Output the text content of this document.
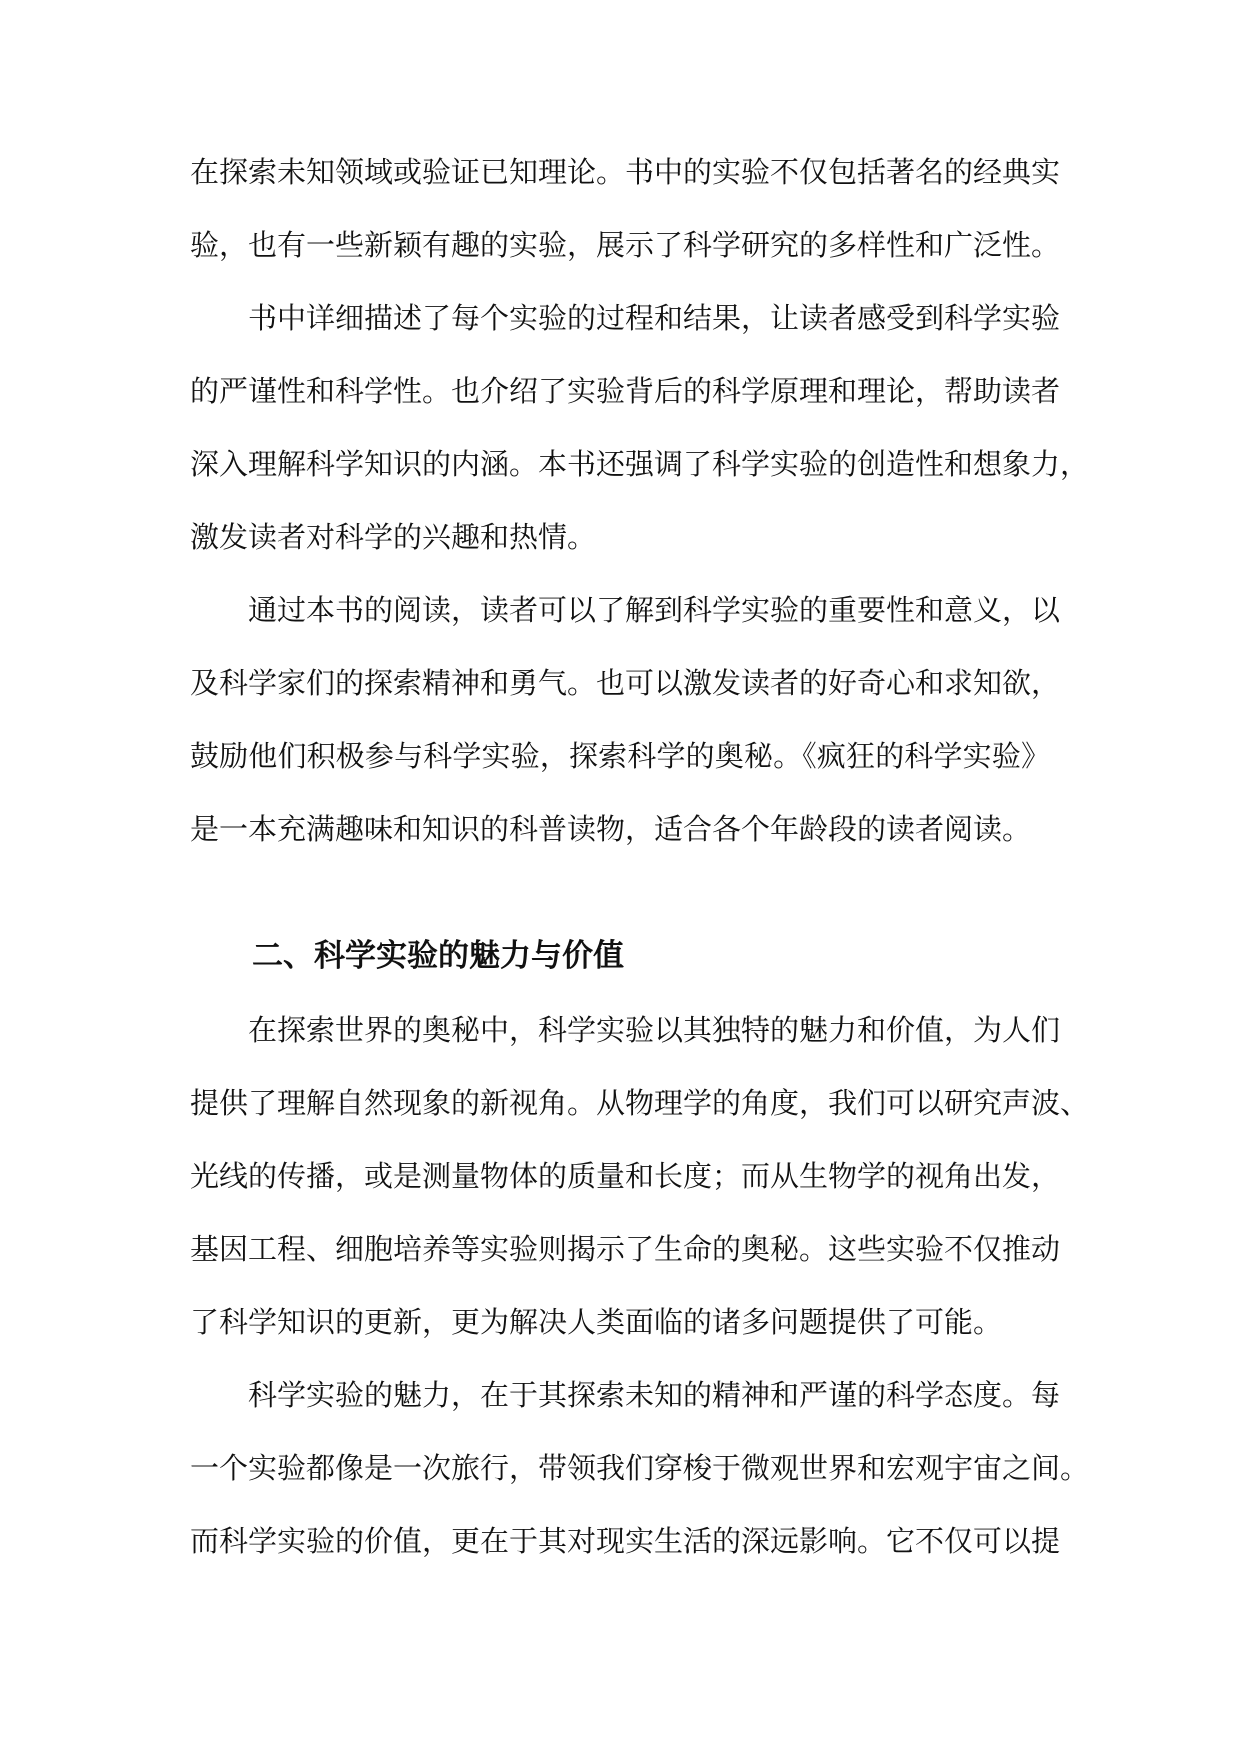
在探索未知领域或验证已知理论。书中的实验不仅包括著名的经典实
验，也有一些新颖有趣的实验，展示了科学研究的多样性和广泛性。
书中详细描述了每个实验的过程和结果，让读者感受到科学实验
的严谨性和科学性。也介绍了实验背后的科学原理和理论，帮助读者
深入理解科学知识的内涵。本书还强调了科学实验的创造性和想象力，
激发读者对科学的兴趣和热情。
通过本书的阅读，读者可以了解到科学实验的重要性和意义，以
及科学家们的探索精神和勇气。也可以激发读者的好奇心和求知欲，
鼓励他们积极参与科学实验，探索科学的奥秘。《疯狂的科学实验》
是一本充满趣味和知识的科普读物，适合各个年龄段的读者阅读。
二、科学实验的魅力与价值
在探索世界的奥秘中，科学实验以其独特的魅力和价值，为人们
提供了理解自然现象的新视角。从物理学的角度，我们可以研究声波、
光线的传播，或是测量物体的质量和长度；而从生物学的视角出发，
基因工程、细胞培养等实验则揭示了生命的奥秘。这些实验不仅推动
了科学知识的更新，更为解决人类面临的诸多问题提供了可能。
科学实验的魅力，在于其探索未知的精神和严谨的科学态度。每
一个实验都像是一次旅行，带领我们穿梭于微观世界和宏观宇宙之间。
而科学实验的价值，更在于其对现实生活的深远影响。它不仅可以提
